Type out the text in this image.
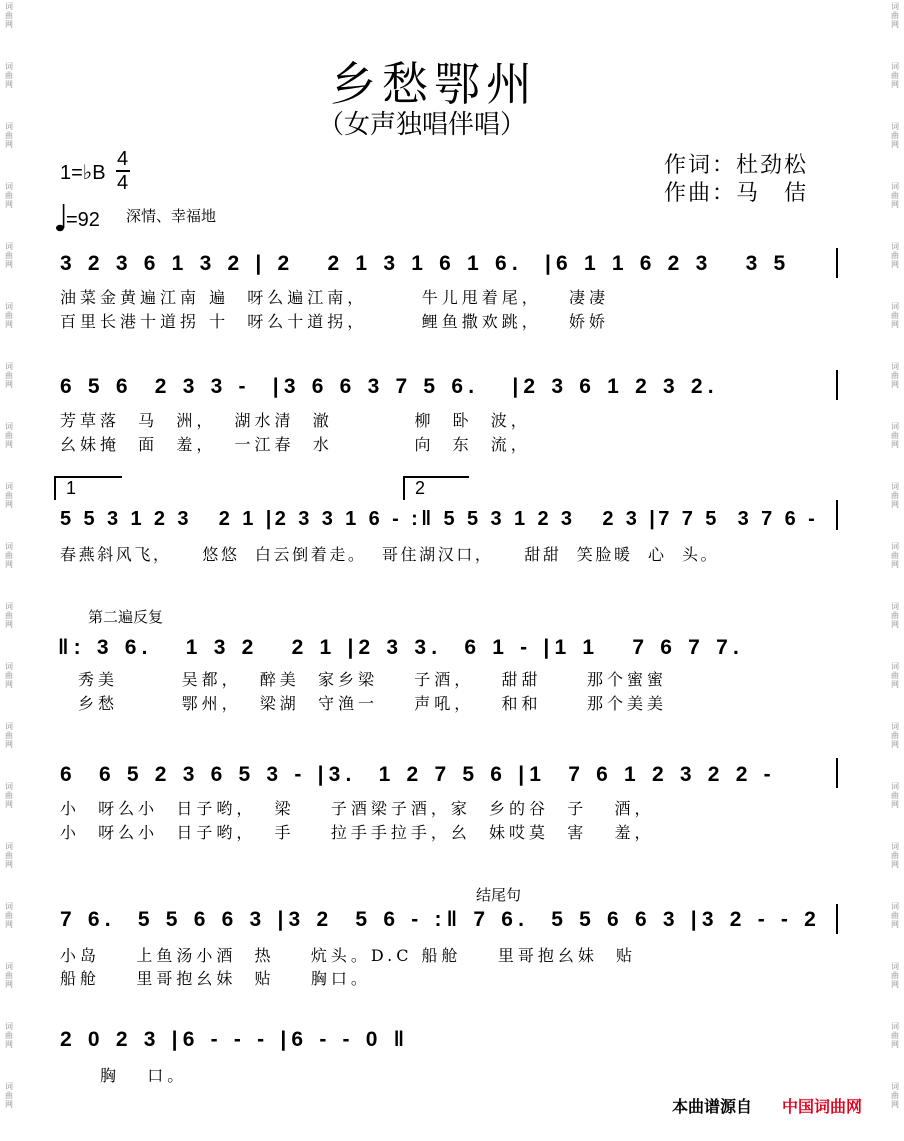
词曲网
词曲网
词曲网
词曲网
词曲网
词曲网
词曲网
词曲网
词曲网
词曲网
词曲网
词曲网
词曲网
词曲网
词曲网
词曲网
词曲网
词曲网
词曲网
词曲网
词曲网
词曲网
词曲网
词曲网
词曲网
词曲网
词曲网
词曲网
词曲网
词曲网
词曲网
词曲网
词曲网
词曲网
词曲网
词曲网
词曲网
词曲网
乡愁鄂州
（女声独唱伴唱）
作词：杜劲松
作曲：马　佶
1=♭B
4
4
=92 深情、幸福地
3 2 3 6 1 3 2 | 2   2 1 3 1 6 1 6.  |6 1 1 6 2 3   3 5
油菜金黄遍江南 遍  呀么遍江南，      牛儿甩着尾，   凄凄
百里长港十道拐 十  呀么十道拐，      鲤鱼撒欢跳，   娇娇
6 5 6  2 3 3 -  |3 6 6 3 7 5 6.   |2 3 6 1 2 3 2.
芳草落  马  洲，  湖水清  澈         柳  卧  波，
幺妹掩  面  羞，  一江春  水         向  东  流，
1	2
5 5 3 1 2 3   2 1 |2 3 3 1 6 - :‖ 5 5 3 1 2 3   2 3 |7 7 5  3 7 6 -
春燕斜风飞，    悠悠  白云倒着走。  哥住湖汉口，    甜甜  笑脸暖  心  头。
第二遍反复
‖: 3 6.   1 3 2   2 1 |2 3 3.  6 1 - |1 1   7 6 7 7.
秀美       吴都，  醉美  家乡梁    子酒，   甜甜     那个蜜蜜
乡愁       鄂州，  梁湖  守渔一    声吼，   和和     那个美美
6  6 5 2 3 6 5 3 - |3.  1 2 7 5 6 |1  7 6 1 2 3 2 2 -
小  呀么小  日子哟，  梁    子酒梁子酒，家  乡的谷  子   酒，
小  呀么小  日子哟，  手    拉手手拉手，幺  妹哎莫  害   羞，
结尾句
7 6.  5 5 6 6 3 |3 2  5 6 - :‖ 7 6.  5 5 6 6 3 |3 2 - - 2
小岛    上鱼汤小酒  热    炕头。D.C 船舱    里哥抱幺妹  贴
船舱    里哥抱幺妹  贴    胸口。
2 0 2 3 |6 - - - |6 - - 0 ‖
胸   口。
本曲谱源自 中国词曲网
